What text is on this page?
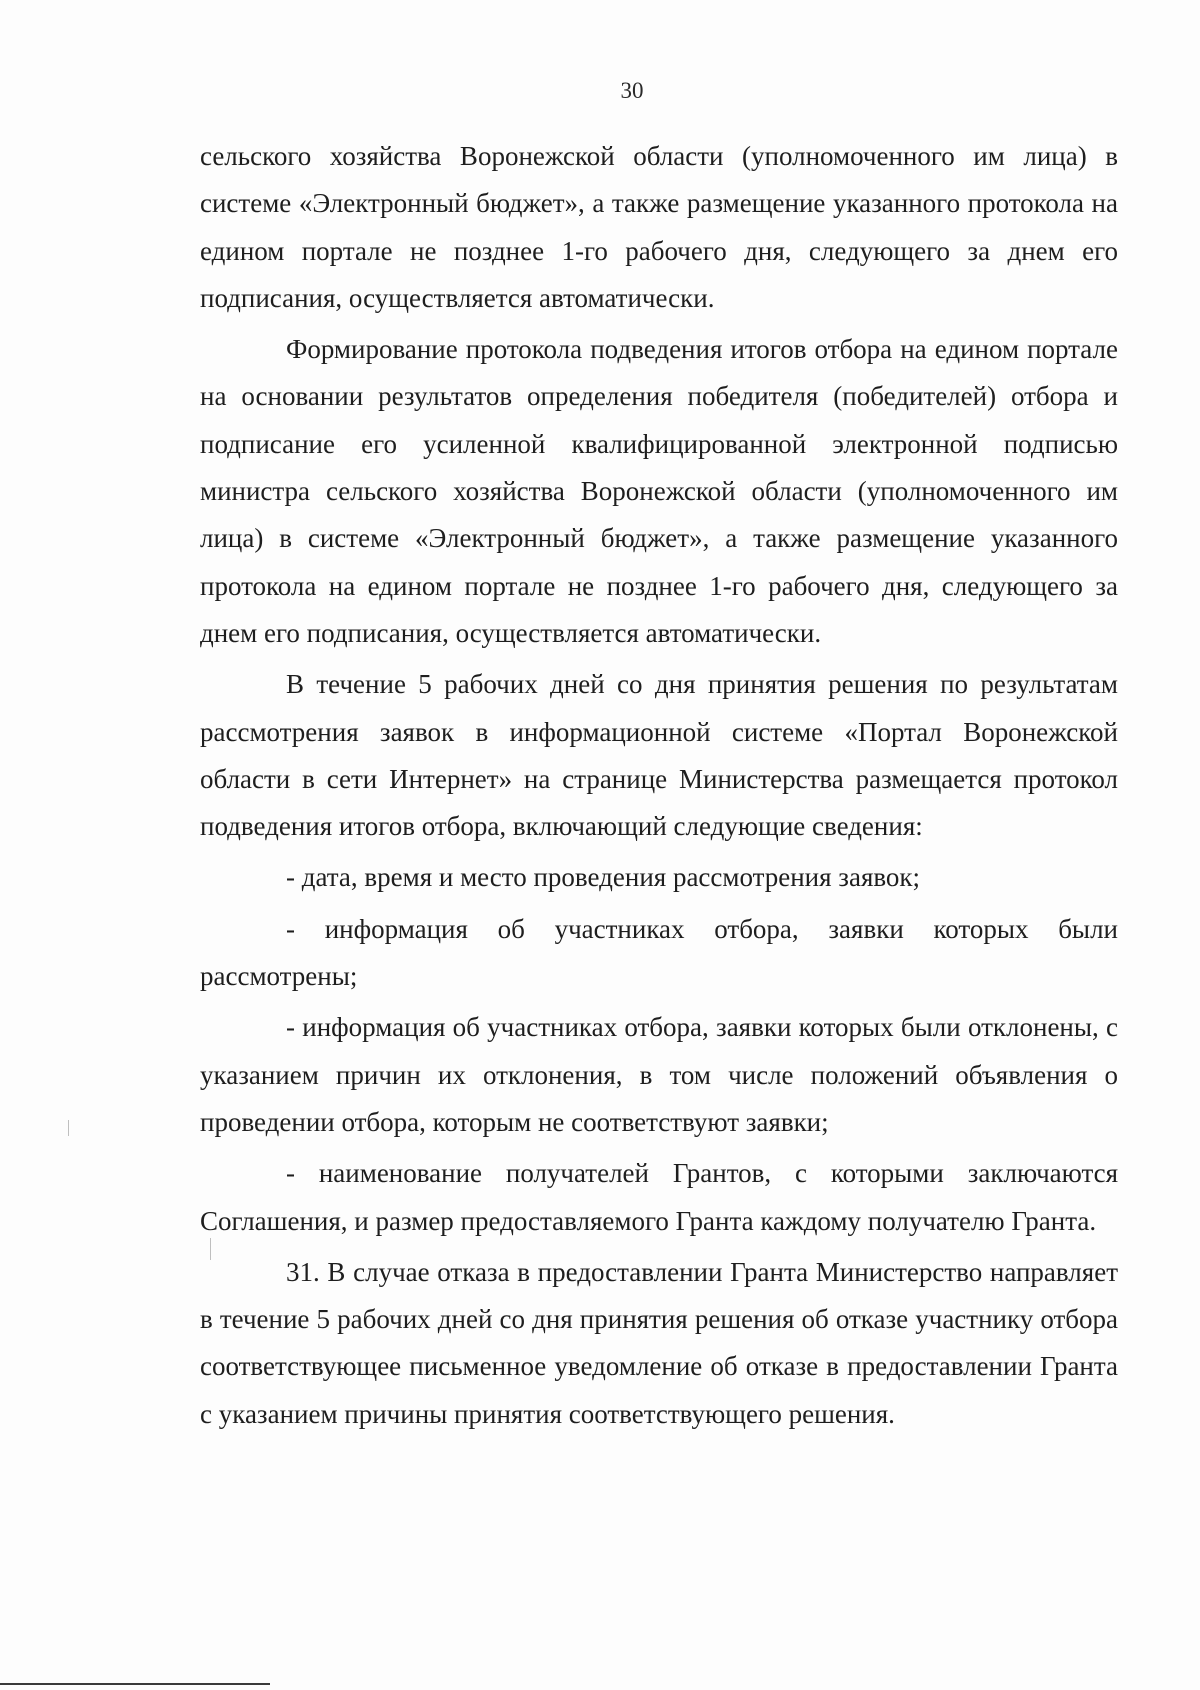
30

сельского хозяйства Воронежской области (уполномоченного им лица) в системе «Электронный бюджет», а также размещение указанного протокола на едином портале не позднее 1-го рабочего дня, следующего за днем его подписания, осуществляется автоматически.

Формирование протокола подведения итогов отбора на едином портале на основании результатов определения победителя (победителей) отбора и подписание его усиленной квалифицированной электронной подписью министра сельского хозяйства Воронежской области (уполномоченного им лица) в системе «Электронный бюджет», а также размещение указанного протокола на едином портале не позднее 1-го рабочего дня, следующего за днем его подписания, осуществляется автоматически.

В течение 5 рабочих дней со дня принятия решения по результатам рассмотрения заявок в информационной системе «Портал Воронежской области в сети Интернет» на странице Министерства размещается протокол подведения итогов отбора, включающий следующие сведения:

- дата, время и место проведения рассмотрения заявок;

- информация об участниках отбора, заявки которых были рассмотрены;

- информация об участниках отбора, заявки которых были отклонены, с указанием причин их отклонения, в том числе положений объявления о проведении отбора, которым не соответствуют заявки;

- наименование получателей Грантов, с которыми заключаются Соглашения, и размер предоставляемого Гранта каждому получателю Гранта.

31. В случае отказа в предоставлении Гранта Министерство направляет в течение 5 рабочих дней со дня принятия решения об отказе участнику отбора соответствующее письменное уведомление об отказе в предоставлении Гранта с указанием причины принятия соответствующего решения.
